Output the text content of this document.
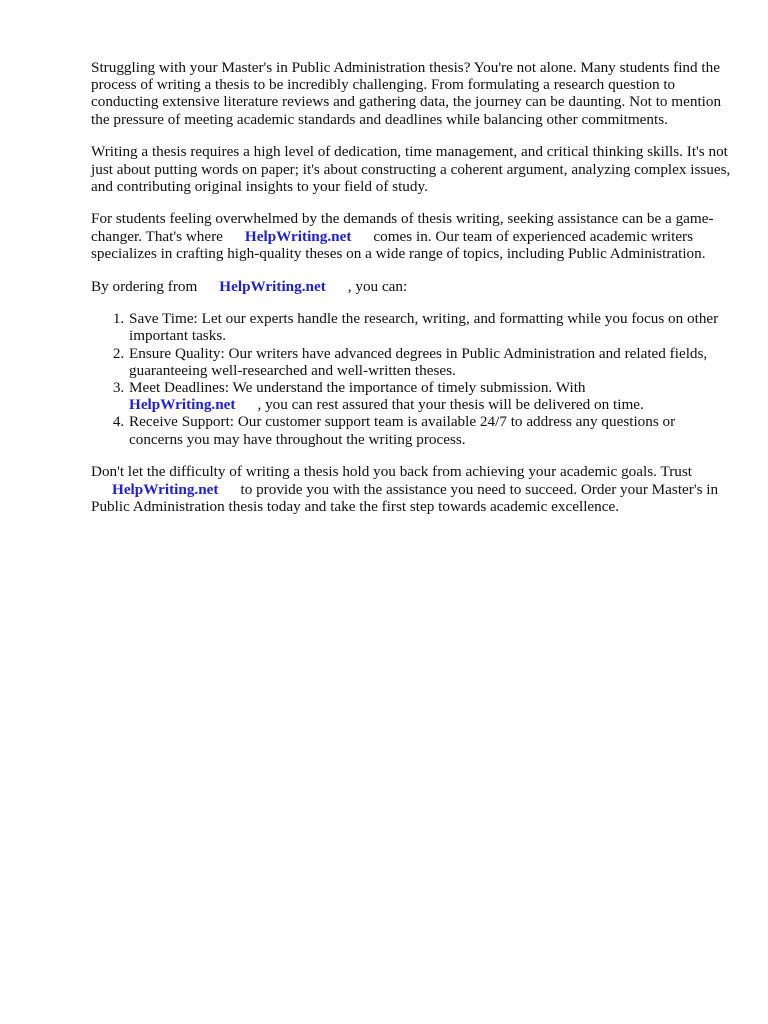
Struggling with your Master's in Public Administration thesis? You're not alone. Many students find the process of writing a thesis to be incredibly challenging. From formulating a research question to conducting extensive literature reviews and gathering data, the journey can be daunting. Not to mention the pressure of meeting academic standards and deadlines while balancing other commitments.

Writing a thesis requires a high level of dedication, time management, and critical thinking skills. It's not just about putting words on paper; it's about constructing a coherent argument, analyzing complex issues, and contributing original insights to your field of study.

For students feeling overwhelmed by the demands of thesis writing, seeking assistance can be a game-changer. That's where HelpWriting.net comes in. Our team of experienced academic writers specializes in crafting high-quality theses on a wide range of topics, including Public Administration.

By ordering from HelpWriting.net , you can:

1. Save Time: Let our experts handle the research, writing, and formatting while you focus on other important tasks.
2. Ensure Quality: Our writers have advanced degrees in Public Administration and related fields, guaranteeing well-researched and well-written theses.
3. Meet Deadlines: We understand the importance of timely submission. With
HelpWriting.net , you can rest assured that your thesis will be delivered on time.
4. Receive Support: Our customer support team is available 24/7 to address any questions or concerns you may have throughout the writing process.

Don't let the difficulty of writing a thesis hold you back from achieving your academic goals. Trust
HelpWriting.net to provide you with the assistance you need to succeed. Order your Master's in Public Administration thesis today and take the first step towards academic excellence.
